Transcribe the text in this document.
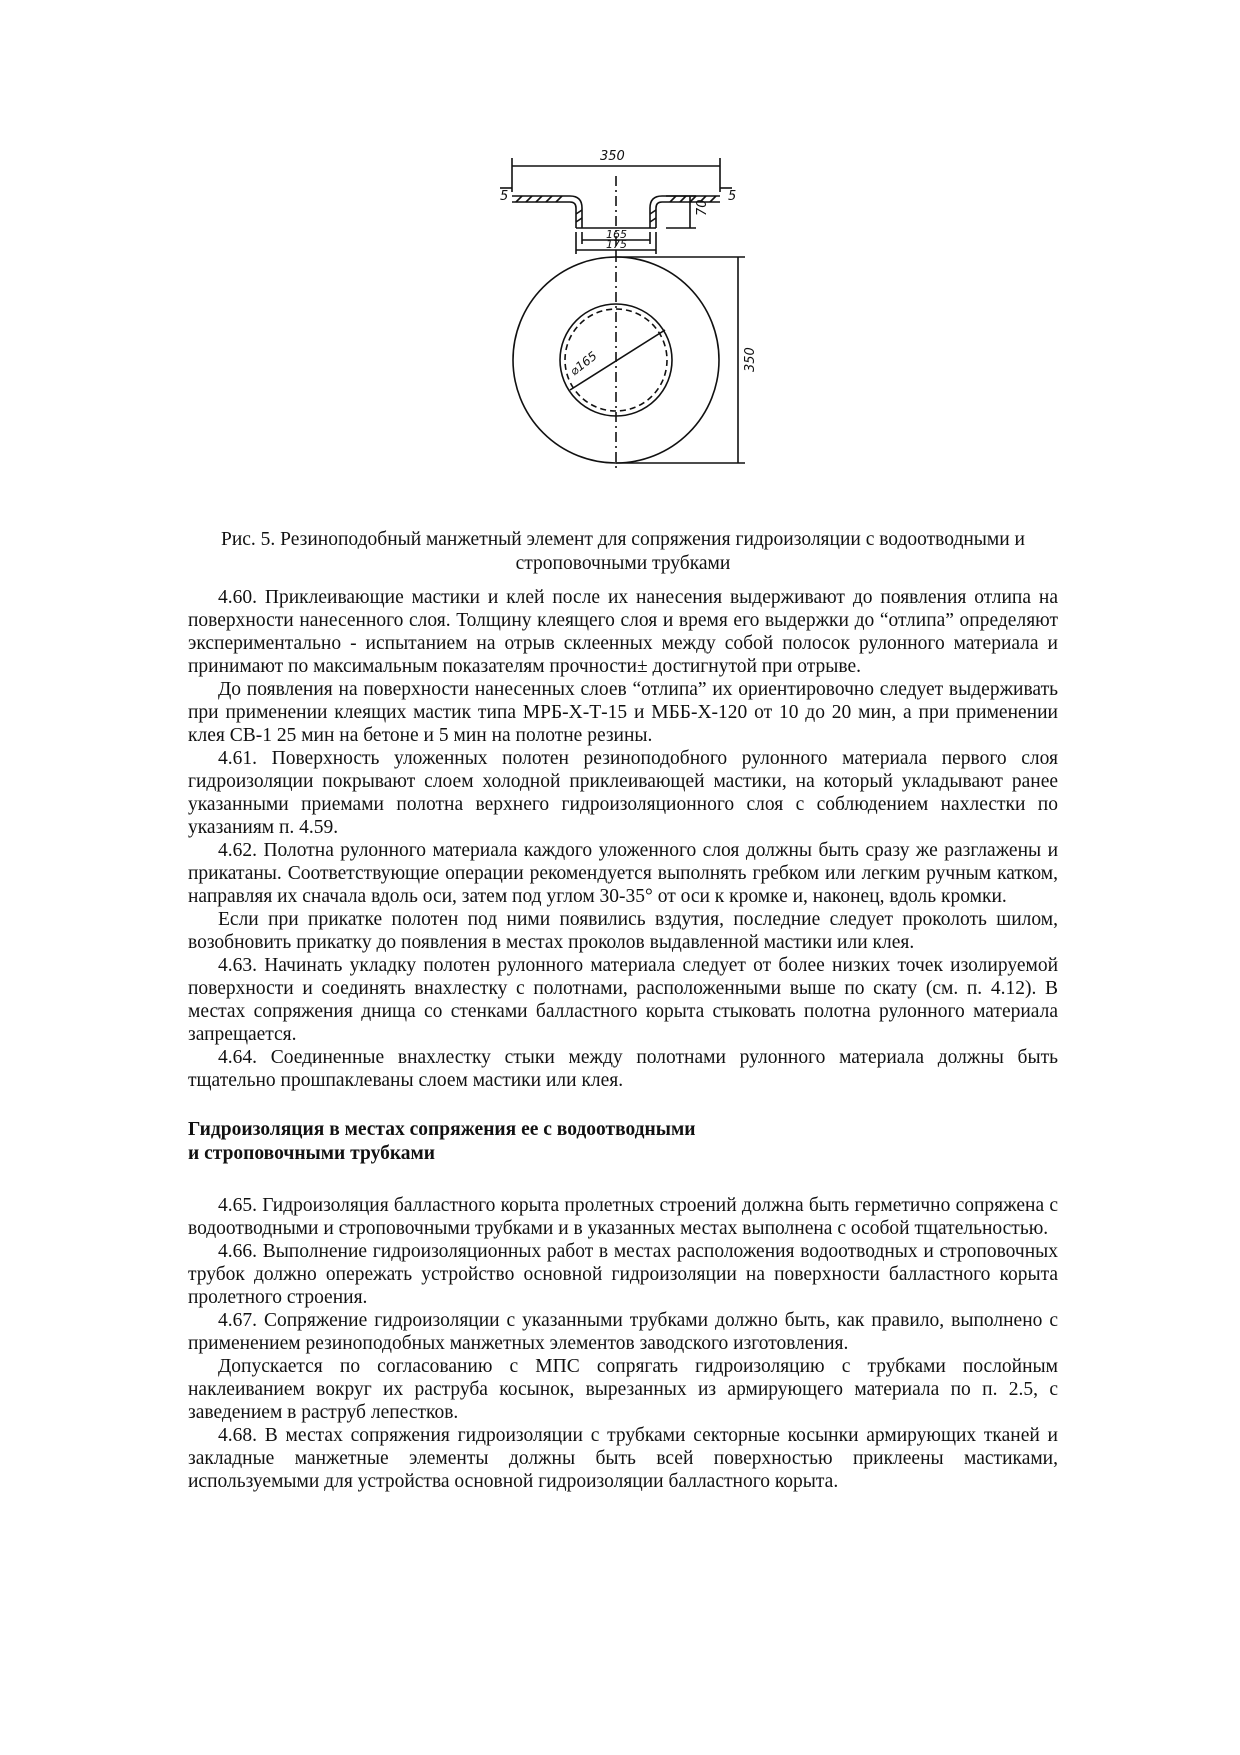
350
5	5
70
165
175
350
⌀165
Рис. 5. Резиноподобный манжетный элемент для сопряжения гидроизоляции с водоотводными и строповочными трубками

4.60. Приклеивающие мастики и клей после их нанесения выдерживают до появления отлипа на поверхности нанесенного слоя. Толщину клеящего слоя и время его выдержки до “отлипа” определяют экспериментально - испытанием на отрыв склеенных между собой полосок рулонного материала и принимают по максимальным показателям прочности± достигнутой при отрыве.

До появления на поверхности нанесенных слоев “отлипа” их ориентировочно следует выдерживать при применении клеящих мастик типа МРБ-Х-Т-15 и МББ-Х-120 от 10 до 20 мин, а при применении клея СВ-1 25 мин на бетоне и 5 мин на полотне резины.

4.61. Поверхность уложенных полотен резиноподобного рулонного материала первого слоя гидроизоляции покрывают слоем холодной приклеивающей мастики, на который укладывают ранее указанными приемами полотна верхнего гидроизоляционного слоя с соблюдением нахлестки по указаниям п. 4.59.

4.62. Полотна рулонного материала каждого уложенного слоя должны быть сразу же разглажены и прикатаны. Соответствующие операции рекомендуется выполнять гребком или легким ручным катком, направляя их сначала вдоль оси, затем под углом 30-35° от оси к кромке и, наконец, вдоль кромки.

Если при прикатке полотен под ними появились вздутия, последние следует проколоть шилом, возобновить прикатку до появления в местах проколов выдавленной мастики или клея.

4.63. Начинать укладку полотен рулонного материала следует от более низких точек изолируемой поверхности и соединять внахлестку с полотнами, расположенными выше по скату (см. п. 4.12). В местах сопряжения днища со стенками балластного корыта стыковать полотна рулонного материала запрещается.

4.64. Соединенные внахлестку стыки между полотнами рулонного материала должны быть тщательно прошпаклеваны слоем мастики или клея.

Гидроизоляция в местах сопряжения ее с водоотводными
и строповочными трубками

4.65. Гидроизоляция балластного корыта пролетных строений должна быть герметично сопряжена с водоотводными и строповочными трубками и в указанных местах выполнена с особой тщательностью.

4.66. Выполнение гидроизоляционных работ в местах расположения водоотводных и строповочных трубок должно опережать устройство основной гидроизоляции на поверхности балластного корыта пролетного строения.

4.67. Сопряжение гидроизоляции с указанными трубками должно быть, как правило, выполнено с применением резиноподобных манжетных элементов заводского изготовления.

Допускается по согласованию с МПС сопрягать гидроизоляцию с трубками послойным наклеиванием вокруг их раструба косынок, вырезанных из армирующего материала по п. 2.5, с заведением в раструб лепестков.

4.68. В местах сопряжения гидроизоляции с трубками секторные косынки армирующих тканей и закладные манжетные элементы должны быть всей поверхностью приклеены мастиками, используемыми для устройства основной гидроизоляции балластного корыта.
